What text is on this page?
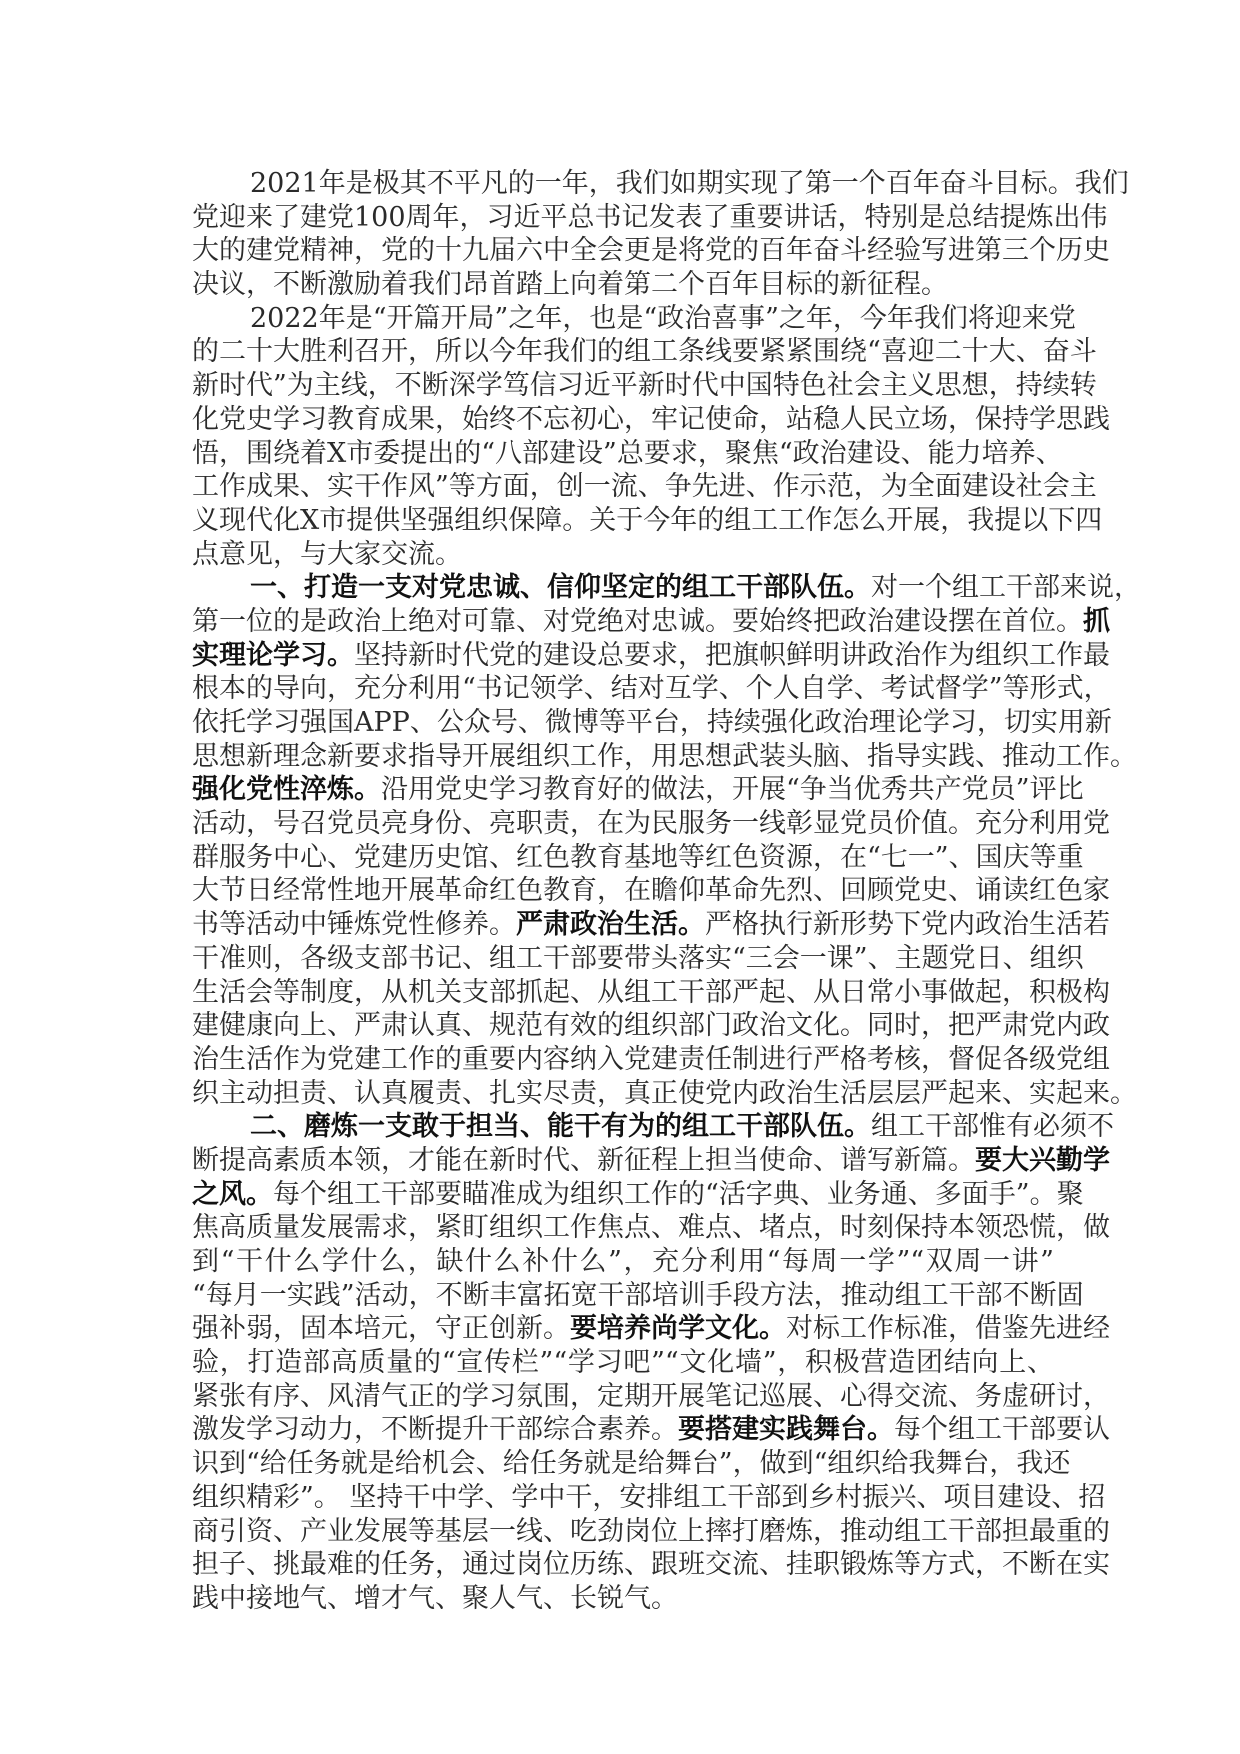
2021年是极其不平凡的一年，我们如期实现了第一个百年奋斗目标。我们
党迎来了建党100周年，习近平总书记发表了重要讲话，特别是总结提炼出伟
大的建党精神，党的十九届六中全会更是将党的百年奋斗经验写进第三个历史
决议，不断激励着我们昂首踏上向着第二个百年目标的新征程。
2022年是“开篇开局”之年，也是“政治喜事”之年，今年我们将迎来党
的二十大胜利召开，所以今年我们的组工条线要紧紧围绕“喜迎二十大、奋斗
新时代”为主线，不断深学笃信习近平新时代中国特色社会主义思想，持续转
化党史学习教育成果，始终不忘初心，牢记使命，站稳人民立场，保持学思践
悟，围绕着X市委提出的“八部建设”总要求，聚焦“政治建设、能力培养、
工作成果、实干作风”等方面，创一流、争先进、作示范，为全面建设社会主
义现代化X市提供坚强组织保障。关于今年的组工工作怎么开展，我提以下四
点意见，与大家交流。
一、打造一支对党忠诚、信仰坚定的组工干部队伍。对一个组工干部来说，
第一位的是政治上绝对可靠、对党绝对忠诚。要始终把政治建设摆在首位。抓
实理论学习。坚持新时代党的建设总要求，把旗帜鲜明讲政治作为组织工作最
根本的导向，充分利用“书记领学、结对互学、个人自学、考试督学”等形式，
依托学习强国APP、公众号、微博等平台，持续强化政治理论学习，切实用新
思想新理念新要求指导开展组织工作，用思想武装头脑、指导实践、推动工作。
强化党性淬炼。沿用党史学习教育好的做法，开展“争当优秀共产党员”评比
活动，号召党员亮身份、亮职责，在为民服务一线彰显党员价值。充分利用党
群服务中心、党建历史馆、红色教育基地等红色资源，在“七一”、国庆等重
大节日经常性地开展革命红色教育，在瞻仰革命先烈、回顾党史、诵读红色家
书等活动中锤炼党性修养。严肃政治生活。严格执行新形势下党内政治生活若
干准则，各级支部书记、组工干部要带头落实“三会一课”、主题党日、组织
生活会等制度，从机关支部抓起、从组工干部严起、从日常小事做起，积极构
建健康向上、严肃认真、规范有效的组织部门政治文化。同时，把严肃党内政
治生活作为党建工作的重要内容纳入党建责任制进行严格考核，督促各级党组
织主动担责、认真履责、扎实尽责，真正使党内政治生活层层严起来、实起来。
二、磨炼一支敢于担当、能干有为的组工干部队伍。组工干部惟有必须不
断提高素质本领，才能在新时代、新征程上担当使命、谱写新篇。要大兴勤学
之风。每个组工干部要瞄准成为组织工作的“活字典、业务通、多面手”。聚
焦高质量发展需求，紧盯组织工作焦点、难点、堵点，时刻保持本领恐慌，做
到“干什么学什么，缺什么补什么”，充分利用“每周一学”“双周一讲”
“每月一实践”活动，不断丰富拓宽干部培训手段方法，推动组工干部不断固
强补弱，固本培元，守正创新。要培养尚学文化。对标工作标准，借鉴先进经
验，打造部高质量的“宣传栏”“学习吧”“文化墙”，积极营造团结向上、
紧张有序、风清气正的学习氛围，定期开展笔记巡展、心得交流、务虚研讨，
激发学习动力，不断提升干部综合素养。要搭建实践舞台。每个组工干部要认
识到“给任务就是给机会、给任务就是给舞台”，做到“组织给我舞台，我还
组织精彩”。 坚持干中学、学中干，安排组工干部到乡村振兴、项目建设、招
商引资、产业发展等基层一线、吃劲岗位上摔打磨炼，推动组工干部担最重的
担子、挑最难的任务，通过岗位历练、跟班交流、挂职锻炼等方式，不断在实
践中接地气、增才气、聚人气、长锐气。
